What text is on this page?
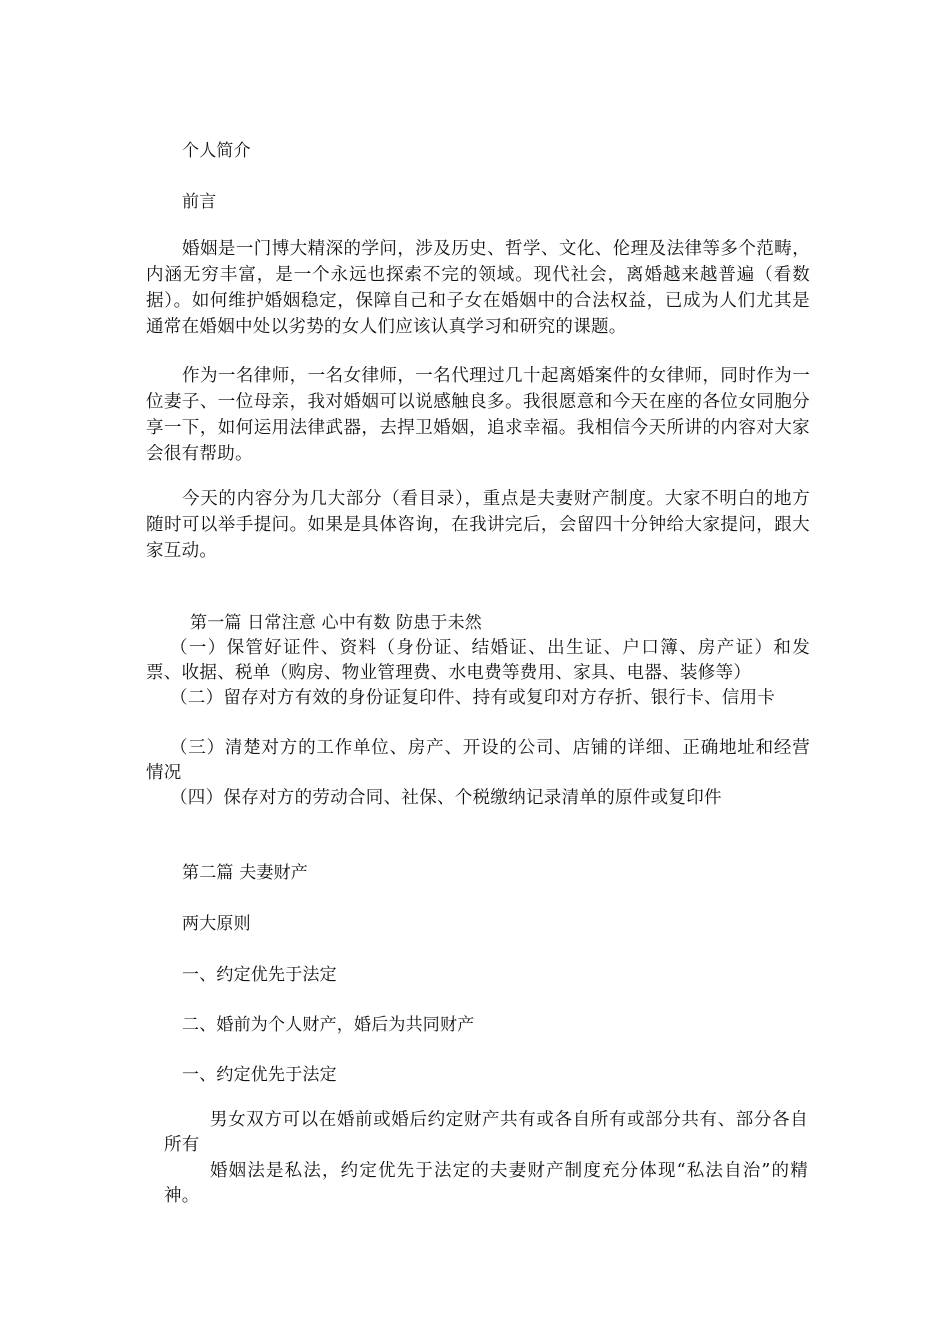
个人简介
前言
婚姻是一门博大精深的学问，涉及历史、哲学、文化、伦理及法律等多个范畴，内涵无穷丰富，是一个永远也探索不完的领域。现代社会，离婚越来越普遍（看数据）。如何维护婚姻稳定，保障自己和子女在婚姻中的合法权益，已成为人们尤其是通常在婚姻中处以劣势的女人们应该认真学习和研究的课题。
作为一名律师，一名女律师，一名代理过几十起离婚案件的女律师，同时作为一位妻子、一位母亲，我对婚姻可以说感触良多。我很愿意和今天在座的各位女同胞分享一下，如何运用法律武器，去捍卫婚姻，追求幸福。我相信今天所讲的内容对大家会很有帮助。
今天的内容分为几大部分（看目录），重点是夫妻财产制度。大家不明白的地方随时可以举手提问。如果是具体咨询，在我讲完后，会留四十分钟给大家提问，跟大家互动。
第一篇 日常注意 心中有数 防患于未然
（一）保管好证件、资料（身份证、结婚证、出生证、户口簿、房产证）和发票、收据、税单（购房、物业管理费、水电费等费用、家具、电器、装修等）
（二）留存对方有效的身份证复印件、持有或复印对方存折、银行卡、信用卡
（三）清楚对方的工作单位、房产、开设的公司、店铺的详细、正确地址和经营情况
（四）保存对方的劳动合同、社保、个税缴纳记录清单的原件或复印件
第二篇 夫妻财产
两大原则
一、约定优先于法定
二、婚前为个人财产，婚后为共同财产
一、约定优先于法定
男女双方可以在婚前或婚后约定财产共有或各自所有或部分共有、部分各自所有
婚姻法是私法，约定优先于法定的夫妻财产制度充分体现“私法自治”的精神。
